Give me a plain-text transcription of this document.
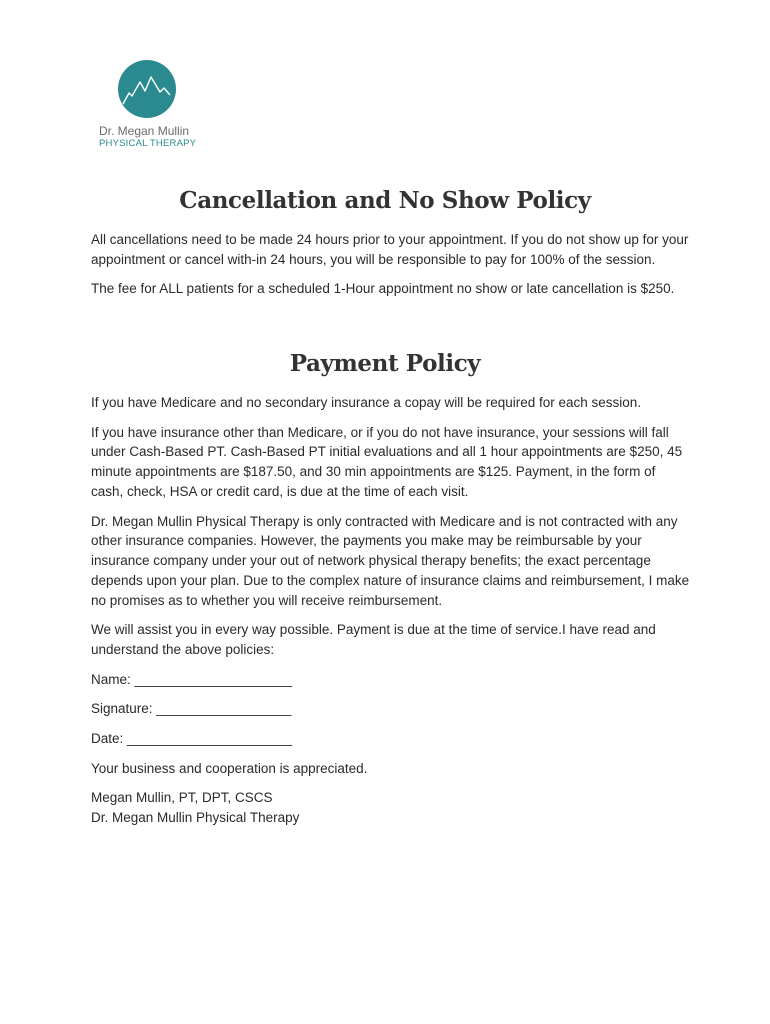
Dr. Megan Mullin
PHYSICAL THERAPY
Cancellation and No Show Policy

All cancellations need to be made 24 hours prior to your appointment. If you do not show up for your appointment or cancel with-in 24 hours, you will be responsible to pay for 100% of the session.

The fee for ALL patients for a scheduled 1-Hour appointment no show or late cancellation is $250.

Payment Policy

If you have Medicare and no secondary insurance a copay will be required for each session.

If you have insurance other than Medicare, or if you do not have insurance, your sessions will fall under Cash-Based PT. Cash-Based PT initial evaluations and all 1 hour appointments are $250, 45 minute appointments are $187.50, and 30 min appointments are $125. Payment, in the form of cash, check, HSA or credit card, is due at the time of each visit.

Dr. Megan Mullin Physical Therapy is only contracted with Medicare and is not contracted with any other insurance companies. However, the payments you make may be reimbursable by your insurance company under your out of network physical therapy benefits; the exact percentage depends upon your plan. Due to the complex nature of insurance claims and reimbursement, I make no promises as to whether you will receive reimbursement.

We will assist you in every way possible. Payment is due at the time of service.I have read and understand the above policies:

Name: _____________________

Signature: __________________

Date: ______________________

Your business and cooperation is appreciated.

Megan Mullin, PT, DPT, CSCS

Dr. Megan Mullin Physical Therapy
